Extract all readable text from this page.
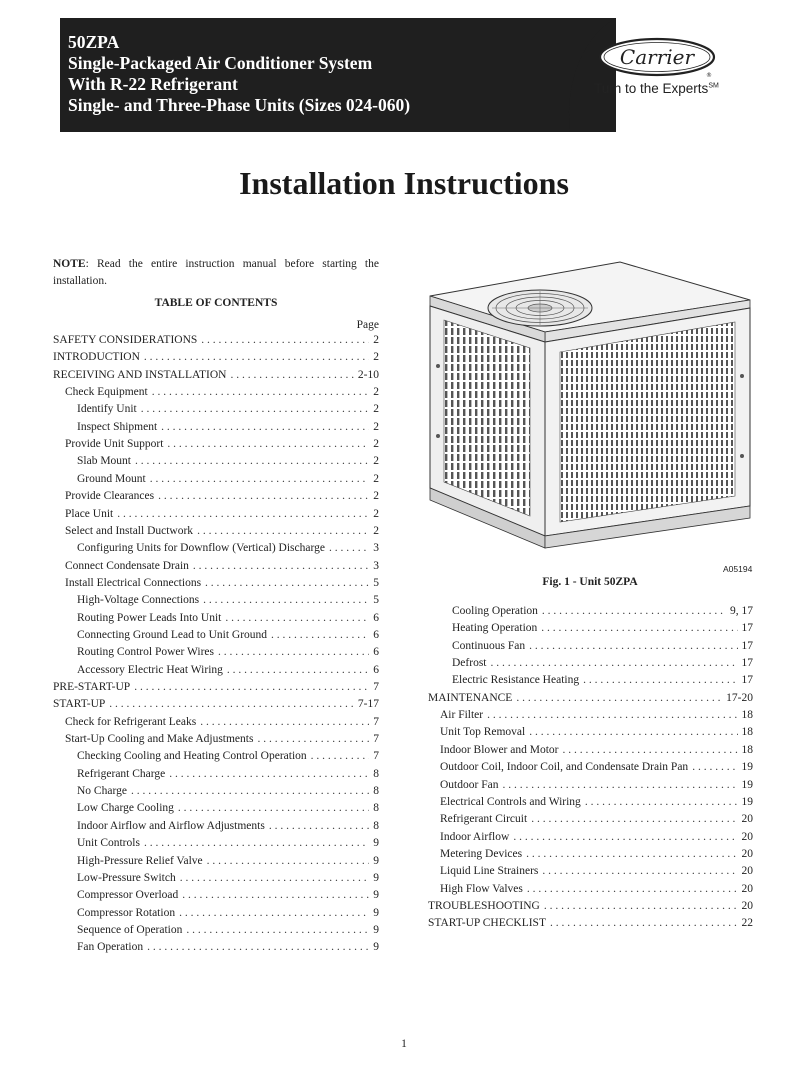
50ZPA
Single-Packaged Air Conditioner System
With R-22 Refrigerant
Single- and Three-Phase Units (Sizes 024-060)
Carrier
®
Turn to the Experts℠
Installation Instructions
NOTE: Read the entire instruction manual before starting the installation.
TABLE OF CONTENTS
Page
SAFETY CONSIDERATIONS . . .	2
INTRODUCTION . . .	2
RECEIVING AND INSTALLATION . . .	2-10
Check Equipment . . .	2
Identify Unit . . .	2
Inspect Shipment . . .	2
Provide Unit Support . . .	2
Slab Mount . . .	2
Ground Mount . . .	2
Provide Clearances . . .	2
Place Unit . . .	2
Select and Install Ductwork . . .	2
Configuring Units for Downflow (Vertical) Discharge . . .	3
Connect Condensate Drain . . .	3
Install Electrical Connections . . .	5
High-Voltage Connections . . .	5
Routing Power Leads Into Unit . . .	6
Connecting Ground Lead to Unit Ground . . .	6
Routing Control Power Wires . . .	6
Accessory Electric Heat Wiring . . .	6
PRE-START-UP . . .	7
START-UP . . .	7-17
Check for Refrigerant Leaks . . .	7
Start-Up Cooling and Make Adjustments . . .	7
Checking Cooling and Heating Control Operation . . .	7
Refrigerant Charge . . .	8
No Charge . . .	8
Low Charge Cooling . . .	8
Indoor Airflow and Airflow Adjustments . . .	8
Unit Controls . . .	9
High-Pressure Relief Valve . . .	9
Low-Pressure Switch . . .	9
Compressor Overload . . .	9
Compressor Rotation . . .	9
Sequence of Operation . . .	9
Fan Operation . . .	9
Cooling Operation . . .	9, 17
Heating Operation . . .	17
Continuous Fan . . .	17
Defrost . . .	17
Electric Resistance Heating . . .	17
MAINTENANCE . . .	17-20
Air Filter . . .	18
Unit Top Removal . . .	18
Indoor Blower and Motor . . .	18
Outdoor Coil, Indoor Coil, and Condensate Drain Pan . . .	19
Outdoor Fan . . .	19
Electrical Controls and Wiring . . .	19
Refrigerant Circuit . . .	20
Indoor Airflow . . .	20
Metering Devices . . .	20
Liquid Line Strainers . . .	20
High Flow Valves . . .	20
TROUBLESHOOTING . . .	20
START-UP CHECKLIST . . .	22
A05194
Fig. 1 - Unit 50ZPA
1
